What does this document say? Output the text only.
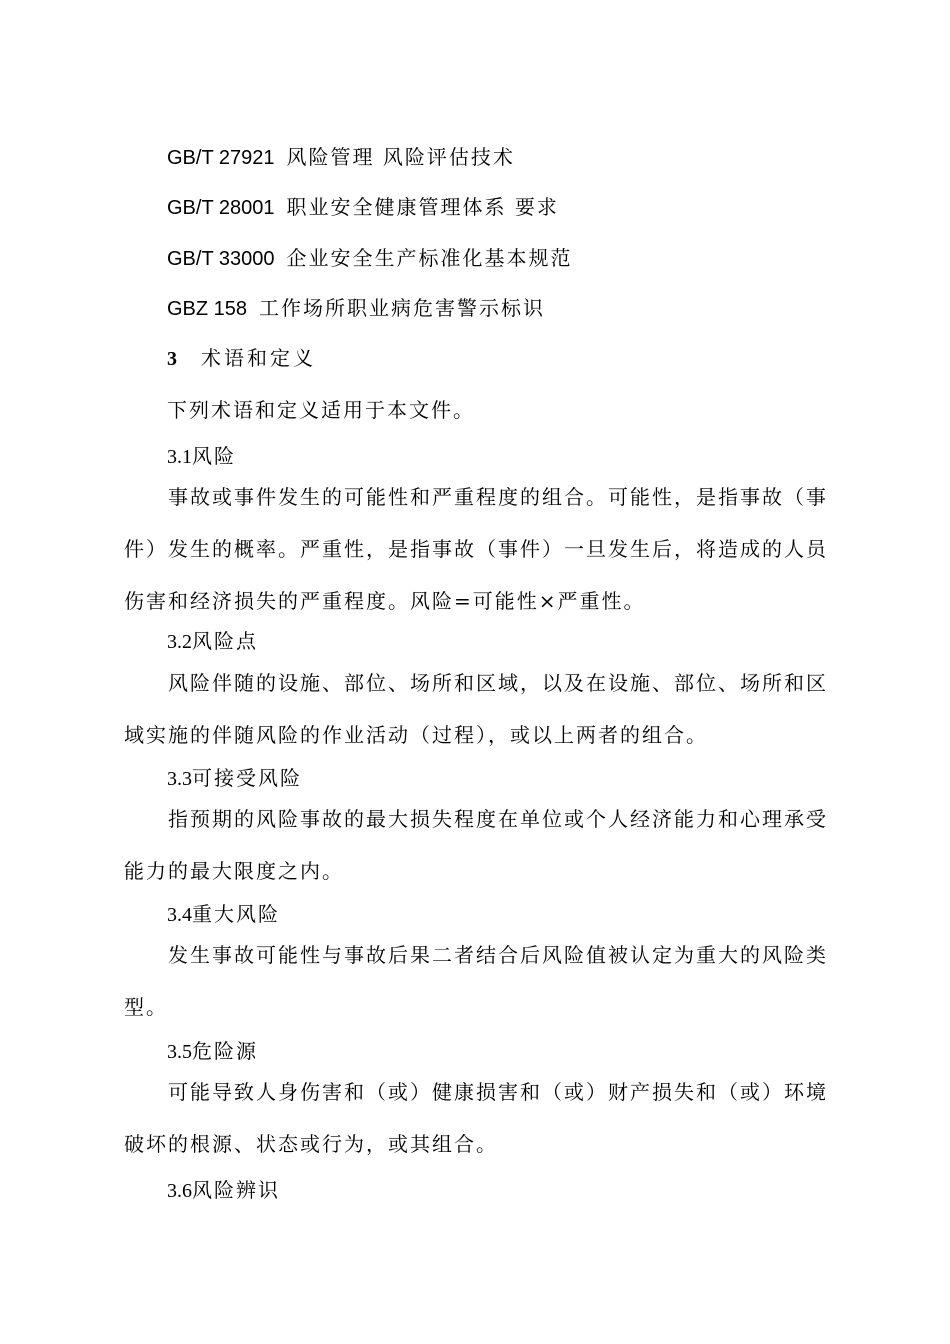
GB/T 27921 风险管理 风险评估技术
GB/T 28001 职业安全健康管理体系 要求
GB/T 33000 企业安全生产标准化基本规范
GBZ 158 工作场所职业病危害警示标识
3 术语和定义
下列术语和定义适用于本文件。
3.1风险

事故或事件发生的可能性和严重程度的组合。可能性，是指事故（事件）发生的概率。严重性，是指事故（事件）一旦发生后，将造成的人员伤害和经济损失的严重程度。风险=可能性×严重性。

3.2风险点

风险伴随的设施、部位、场所和区域，以及在设施、部位、场所和区域实施的伴随风险的作业活动（过程），或以上两者的组合。

3.3可接受风险

指预期的风险事故的最大损失程度在单位或个人经济能力和心理承受能力的最大限度之内。

3.4重大风险

发生事故可能性与事故后果二者结合后风险值被认定为重大的风险类型。

3.5危险源

可能导致人身伤害和（或）健康损害和（或）财产损失和（或）环境破坏的根源、状态或行为，或其组合。

3.6风险辨识
